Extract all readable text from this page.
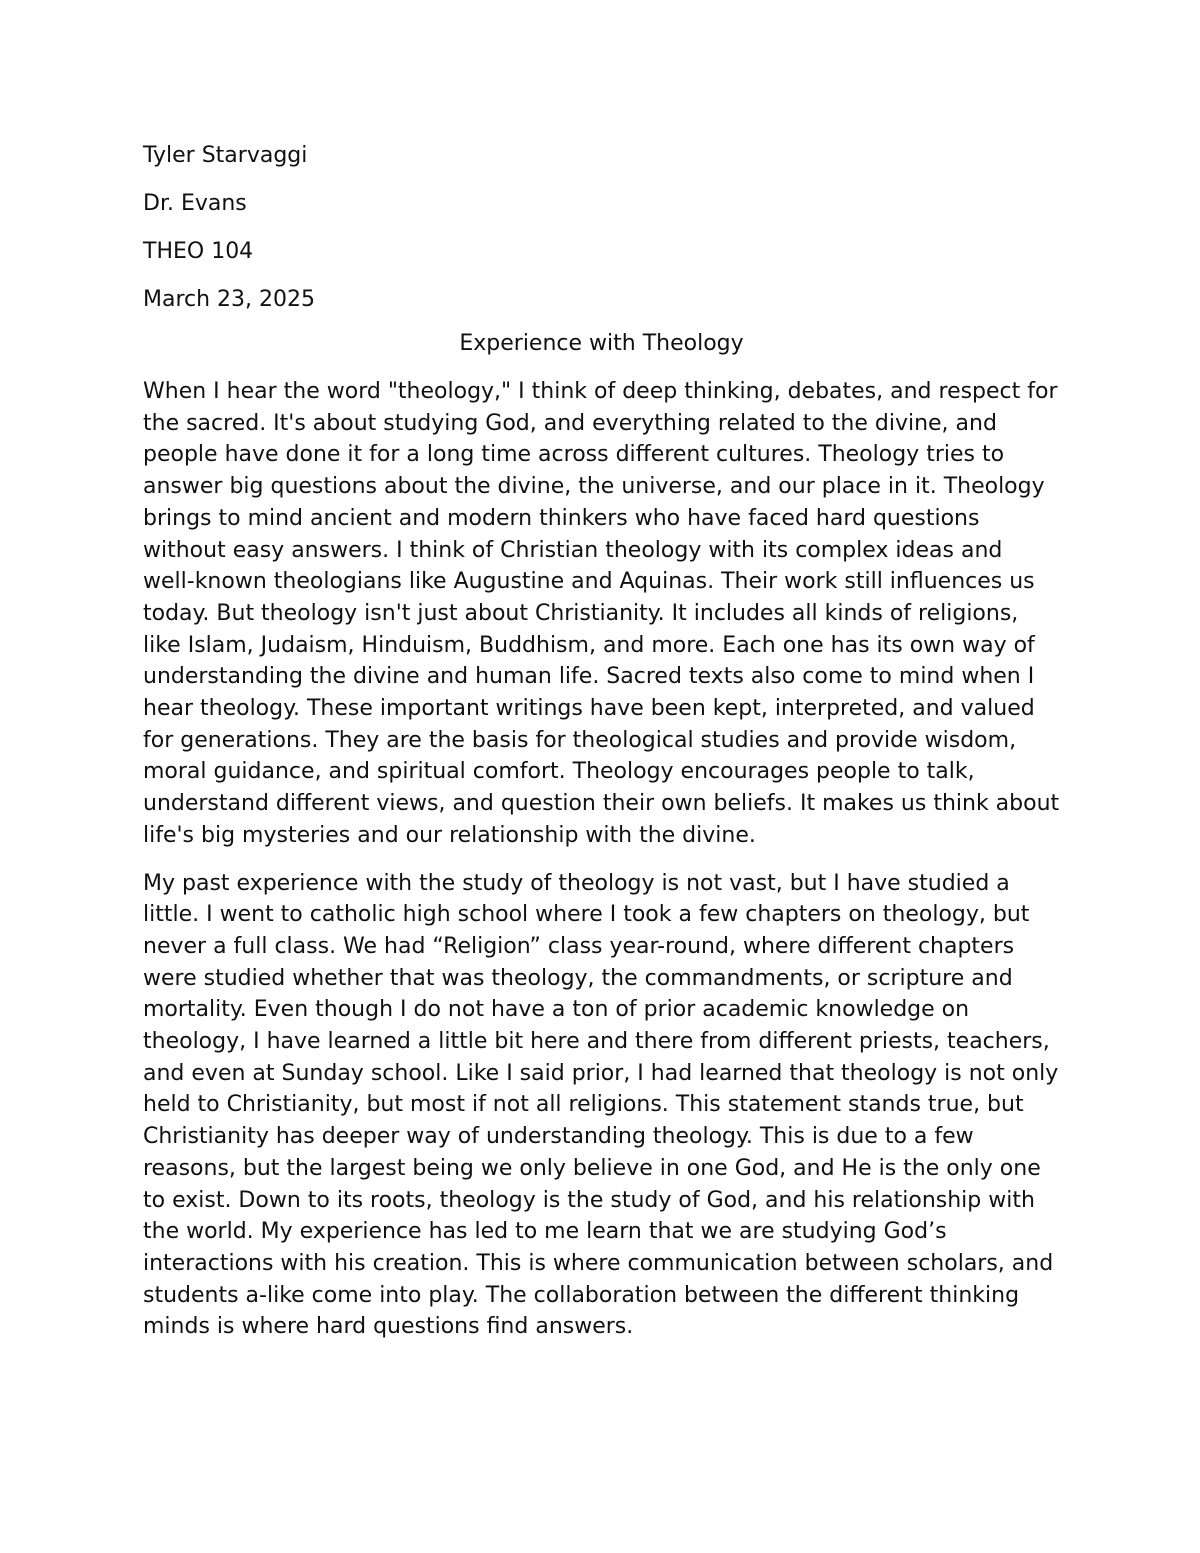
Tyler Starvaggi
Dr. Evans
THEO 104
March 23, 2025
Experience with Theology

When I hear the word "theology," I think of deep thinking, debates, and respect for the sacred. It's about studying God, and everything related to the divine, and people have done it for a long time across different cultures. Theology tries to answer big questions about the divine, the universe, and our place in it. Theology brings to mind ancient and modern thinkers who have faced hard questions without easy answers. I think of Christian theology with its complex ideas and well-known theologians like Augustine and Aquinas. Their work still influences us today. But theology isn't just about Christianity. It includes all kinds of religions, like Islam, Judaism, Hinduism, Buddhism, and more. Each one has its own way of understanding the divine and human life. Sacred texts also come to mind when I hear theology. These important writings have been kept, interpreted, and valued for generations. They are the basis for theological studies and provide wisdom, moral guidance, and spiritual comfort. Theology encourages people to talk, understand different views, and question their own beliefs. It makes us think about life's big mysteries and our relationship with the divine.

My past experience with the study of theology is not vast, but I have studied a little. I went to catholic high school where I took a few chapters on theology, but never a full class. We had “Religion” class year-round, where different chapters were studied whether that was theology, the commandments, or scripture and mortality. Even though I do not have a ton of prior academic knowledge on theology, I have learned a little bit here and there from different priests, teachers, and even at Sunday school. Like I said prior, I had learned that theology is not only held to Christianity, but most if not all religions. This statement stands true, but Christianity has deeper way of understanding theology. This is due to a few reasons, but the largest being we only believe in one God, and He is the only one to exist. Down to its roots, theology is the study of God, and his relationship with the world. My experience has led to me learn that we are studying God’s interactions with his creation. This is where communication between scholars, and students a-like come into play. The collaboration between the different thinking minds is where hard questions find answers.
